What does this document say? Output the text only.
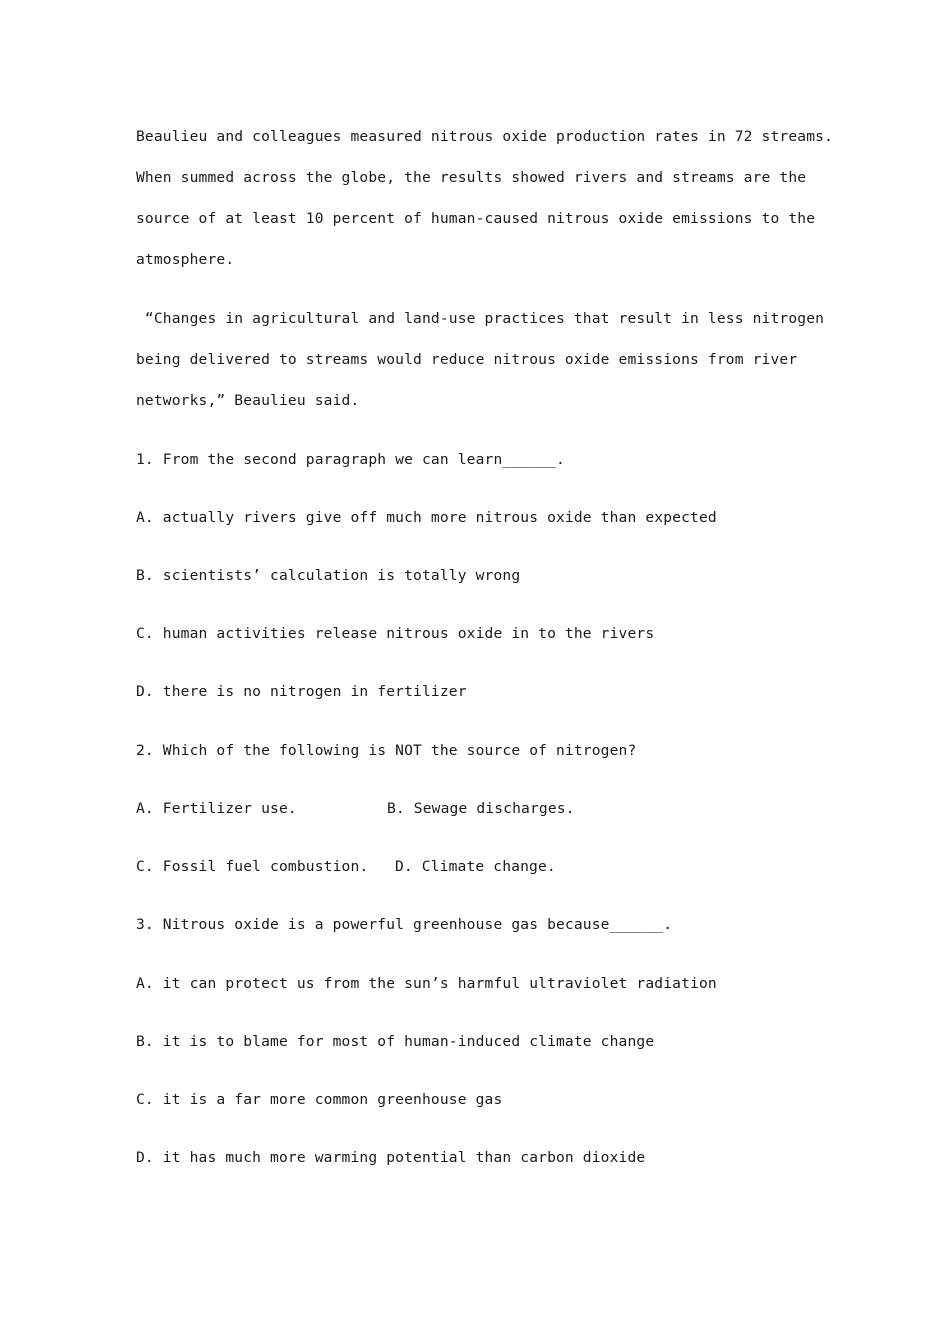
Beaulieu and colleagues measured nitrous oxide production rates in 72 streams.
When summed across the globe, the results showed rivers and streams are the
source of at least 10 percent of human-caused nitrous oxide emissions to the
atmosphere.
“Changes in agricultural and land-use practices that result in less nitrogen
being delivered to streams would reduce nitrous oxide emissions from river
networks,” Beaulieu said.
1. From the second paragraph we can learn______.
A. actually rivers give off much more nitrous oxide than expected
B. scientists’ calculation is totally wrong
C. human activities release nitrous oxide in to the rivers
D. there is no nitrogen in fertilizer
2. Which of the following is NOT the source of nitrogen?
A. Fertilizer use.	B. Sewage discharges.
C. Fossil fuel combustion. D. Climate change.
3. Nitrous oxide is a powerful greenhouse gas because______.
A. it can protect us from the sun’s harmful ultraviolet radiation
B. it is to blame for most of human-induced climate change
C. it is a far more common greenhouse gas
D. it has much more warming potential than carbon dioxide
